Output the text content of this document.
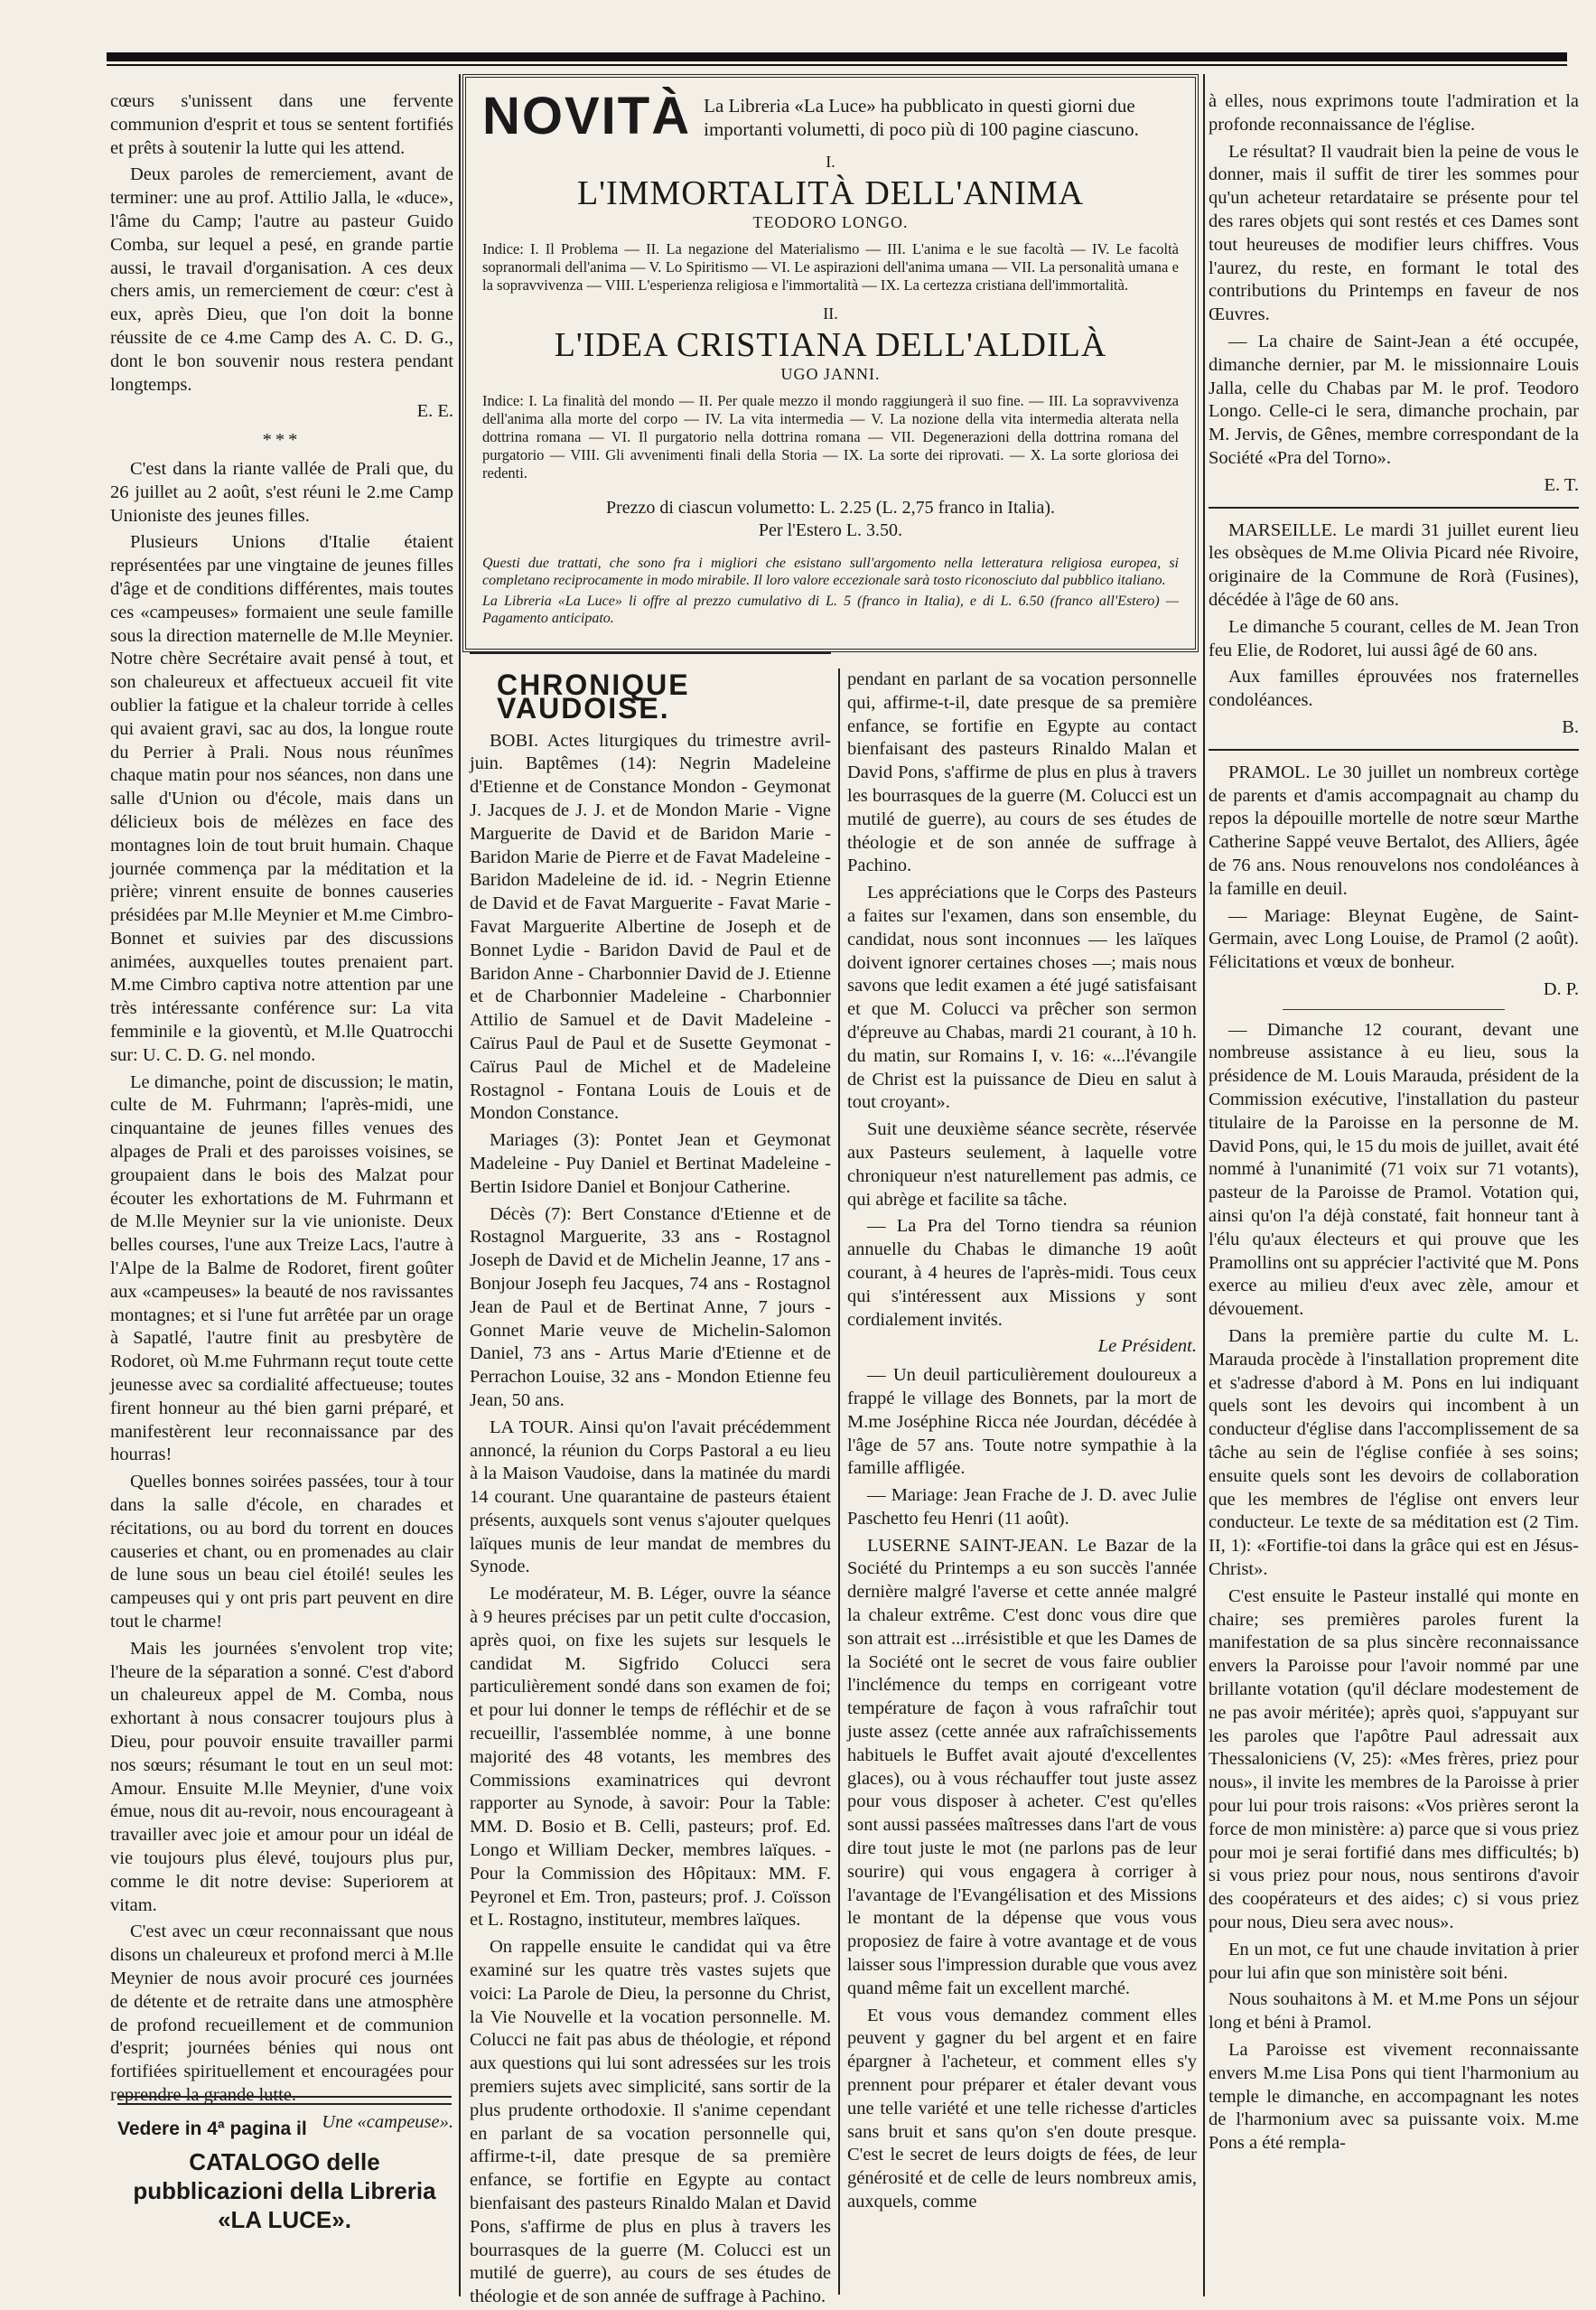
cœurs s'unissent dans une fervente communion d'esprit et tous se sentent fortifiés et prêts à soutenir la lutte qui les attend.

Deux paroles de remerciement, avant de terminer: une au prof. Attilio Jalla, le «duce», l'âme du Camp; l'autre au pasteur Guido Comba, sur lequel a pesé, en grande partie aussi, le travail d'organisation. A ces deux chers amis, un remerciement de cœur: c'est à eux, après Dieu, que l'on doit la bonne réussite de ce 4.me Camp des A. C. D. G., dont le bon souvenir nous restera pendant longtemps.

E. E.
***

C'est dans la riante vallée de Prali que, du 26 juillet au 2 août, s'est réuni le 2.me Camp Unioniste des jeunes filles.

Plusieurs Unions d'Italie étaient représentées par une vingtaine de jeunes filles d'âge et de conditions différentes, mais toutes ces «campeuses» formaient une seule famille sous la direction maternelle de M.lle Meynier. Notre chère Secrétaire avait pensé à tout, et son chaleureux et affectueux accueil fit vite oublier la fatigue et la chaleur torride à celles qui avaient gravi, sac au dos, la longue route du Perrier à Prali. Nous nous réunîmes chaque matin pour nos séances, non dans une salle d'Union ou d'école, mais dans un délicieux bois de mélèzes en face des montagnes loin de tout bruit humain. Chaque journée commença par la méditation et la prière; vinrent ensuite de bonnes causeries présidées par M.lle Meynier et M.me Cimbro-Bonnet et suivies par des discussions animées, auxquelles toutes prenaient part. M.me Cimbro captiva notre attention par une très intéressante conférence sur: La vita femminile e la gioventù, et M.lle Quatrocchi sur: U. C. D. G. nel mondo.

Le dimanche, point de discussion; le matin, culte de M. Fuhrmann; l'après-midi, une cinquantaine de jeunes filles venues des alpages de Prali et des paroisses voisines, se groupaient dans le bois des Malzat pour écouter les exhortations de M. Fuhrmann et de M.lle Meynier sur la vie unioniste. Deux belles courses, l'une aux Treize Lacs, l'autre à l'Alpe de la Balme de Rodoret, firent goûter aux «campeuses» la beauté de nos ravissantes montagnes; et si l'une fut arrêtée par un orage à Sapatlé, l'autre finit au presbytère de Rodoret, où M.me Fuhrmann reçut toute cette jeunesse avec sa cordialité affectueuse; toutes firent honneur au thé bien garni préparé, et manifestèrent leur reconnaissance par des hourras!

Quelles bonnes soirées passées, tour à tour dans la salle d'école, en charades et récitations, ou au bord du torrent en douces causeries et chant, ou en promenades au clair de lune sous un beau ciel étoilé! seules les campeuses qui y ont pris part peuvent en dire tout le charme!

Mais les journées s'envolent trop vite; l'heure de la séparation a sonné. C'est d'abord un chaleureux appel de M. Comba, nous exhortant à nous consacrer toujours plus à Dieu, pour pouvoir ensuite travailler parmi nos sœurs; résumant le tout en un seul mot: Amour. Ensuite M.lle Meynier, d'une voix émue, nous dit au-revoir, nous encourageant à travailler avec joie et amour pour un idéal de vie toujours plus élevé, toujours plus pur, comme le dit notre devise: Superiorem at vitam.

C'est avec un cœur reconnaissant que nous disons un chaleureux et profond merci à M.lle Meynier de nous avoir procuré ces journées de détente et de retraite dans une atmosphère de profond recueillement et de communion d'esprit; journées bénies qui nous ont fortifiées spirituellement et encouragées pour reprendre la grande lutte.

Une «campeuse».
Vedere in 4ª pagina il
CATALOGO delle pubblicazioni della Libreria «LA LUCE».
NOVITÀ La Libreria «La Luce» ha pubblicato in questi giorni due importanti volumetti, di poco più di 100 pagine ciascuno.
I.
L'IMMORTALITÀ DELL'ANIMA
TEODORO LONGO.
Indice: I. Il Problema — II. La negazione del Materialismo — III. L'anima e le sue facoltà — IV. Le facoltà sopranormali dell'anima — V. Lo Spiritismo — VI. Le aspirazioni dell'anima umana — VII. La personalità umana e la sopravvivenza — VIII. L'esperienza religiosa e l'immortalità — IX. La certezza cristiana dell'immortalità.
II.
L'IDEA CRISTIANA DELL'ALDILÀ
UGO JANNI.
Indice: I. La finalità del mondo — II. Per quale mezzo il mondo raggiungerà il suo fine. — III. La sopravvivenza dell'anima alla morte del corpo — IV. La vita intermedia — V. La nozione della vita intermedia alterata nella dottrina romana — VI. Il purgatorio nella dottrina romana — VII. Degenerazioni della dottrina romana del purgatorio — VIII. Gli avvenimenti finali della Storia — IX. La sorte dei riprovati. — X. La sorte gloriosa dei redenti.
Prezzo di ciascun volumetto: L. 2.25 (L. 2,75 franco in Italia).
Per l'Estero L. 3.50.
Questi due trattati, che sono fra i migliori che esistano sull'argomento nella letteratura religiosa europea, si completano reciprocamente in modo mirabile. Il loro valore eccezionale sarà tosto riconosciuto dal pubblico italiano.
La Libreria «La Luce» li offre al prezzo cumulativo di L. 5 (franco in Italia), e di L. 6.50 (franco all'Estero) — Pagamento anticipato.
CHRONIQUE VAUDOISE.

BOBI. Actes liturgiques du trimestre avril-juin. Baptêmes (14): Negrin Madeleine d'Etienne et de Constance Mondon - Geymonat J. Jacques de J. J. et de Mondon Marie - Vigne Marguerite de David et de Baridon Marie - Baridon Marie de Pierre et de Favat Madeleine - Baridon Madeleine de id. id. - Negrin Etienne de David et de Favat Marguerite - Favat Marie - Favat Marguerite Albertine de Joseph et de Bonnet Lydie - Baridon David de Paul et de Baridon Anne - Charbonnier David de J. Etienne et de Charbonnier Madeleine - Charbonnier Attilio de Samuel et de Davit Madeleine - Caïrus Paul de Paul et de Susette Geymonat - Caïrus Paul de Michel et de Madeleine Rostagnol - Fontana Louis de Louis et de Mondon Constance.

Mariages (3): Pontet Jean et Geymonat Madeleine - Puy Daniel et Bertinat Madeleine - Bertin Isidore Daniel et Bonjour Catherine.

Décès (7): Bert Constance d'Etienne et de Rostagnol Marguerite, 33 ans - Rostagnol Joseph de David et de Michelin Jeanne, 17 ans - Bonjour Joseph feu Jacques, 74 ans - Rostagnol Jean de Paul et de Bertinat Anne, 7 jours - Gonnet Marie veuve de Michelin-Salomon Daniel, 73 ans - Artus Marie d'Etienne et de Perrachon Louise, 32 ans - Mondon Etienne feu Jean, 50 ans.

LA TOUR. Ainsi qu'on l'avait précédemment annoncé, la réunion du Corps Pastoral a eu lieu à la Maison Vaudoise, dans la matinée du mardi 14 courant. Une quarantaine de pasteurs étaient présents, auxquels sont venus s'ajouter quelques laïques munis de leur mandat de membres du Synode.

Le modérateur, M. B. Léger, ouvre la séance à 9 heures précises par un petit culte d'occasion, après quoi, on fixe les sujets sur lesquels le candidat M. Sigfrido Colucci sera particulièrement sondé dans son examen de foi; et pour lui donner le temps de réfléchir et de se recueillir, l'assemblée nomme, à une bonne majorité des 48 votants, les membres des Commissions examinatrices qui devront rapporter au Synode, à savoir: Pour la Table: MM. D. Bosio et B. Celli, pasteurs; prof. Ed. Longo et William Decker, membres laïques. - Pour la Commission des Hôpitaux: MM. F. Peyronel et Em. Tron, pasteurs; prof. J. Coïsson et L. Rostagno, instituteur, membres laïques.

On rappelle ensuite le candidat qui va être examiné sur les quatre très vastes sujets que voici: La Parole de Dieu, la personne du Christ, la Vie Nouvelle et la vocation personnelle. M. Colucci ne fait pas abus de théologie, et répond aux questions qui lui sont adressées sur les trois premiers sujets avec simplicité, sans sortir de la plus prudente orthodoxie. Il s'anime cependant en parlant de sa vocation personnelle qui, affirme-t-il, date presque de sa première enfance, se fortifie en Egypte au contact bienfaisant des pasteurs Rinaldo Malan et David Pons, s'affirme de plus en plus à travers les bourrasques de la guerre (M. Colucci est un mutilé de guerre), au cours de ses études de théologie et de son année de suffrage à Pachino.

pendant en parlant de sa vocation personnelle qui, affirme-t-il, date presque de sa première enfance, se fortifie en Egypte au contact bienfaisant des pasteurs Rinaldo Malan et David Pons, s'affirme de plus en plus à travers les bourrasques de la guerre (M. Colucci est un mutilé de guerre), au cours de ses études de théologie et de son année de suffrage à Pachino.

Les appréciations que le Corps des Pasteurs a faites sur l'examen, dans son ensemble, du candidat, nous sont inconnues — les laïques doivent ignorer certaines choses —; mais nous savons que ledit examen a été jugé satisfaisant et que M. Colucci va prêcher son sermon d'épreuve au Chabas, mardi 21 courant, à 10 h. du matin, sur Romains I, v. 16: «...l'évangile de Christ est la puissance de Dieu en salut à tout croyant».

Suit une deuxième séance secrète, réservée aux Pasteurs seulement, à laquelle votre chroniqueur n'est naturellement pas admis, ce qui abrège et facilite sa tâche.

— La Pra del Torno tiendra sa réunion annuelle du Chabas le dimanche 19 août courant, à 4 heures de l'après-midi. Tous ceux qui s'intéressent aux Missions y sont cordialement invités.

Le Président.

— Un deuil particulièrement douloureux a frappé le village des Bonnets, par la mort de M.me Joséphine Ricca née Jourdan, décédée à l'âge de 57 ans. Toute notre sympathie à la famille affligée.

— Mariage: Jean Frache de J. D. avec Julie Paschetto feu Henri (11 août).

LUSERNE SAINT-JEAN. Le Bazar de la Société du Printemps a eu son succès l'année dernière malgré l'averse et cette année malgré la chaleur extrême. C'est donc vous dire que son attrait est ...irrésistible et que les Dames de la Société ont le secret de vous faire oublier l'inclémence du temps en corrigeant votre température de façon à vous rafraîchir tout juste assez (cette année aux rafraîchissements habituels le Buffet avait ajouté d'excellentes glaces), ou à vous réchauffer tout juste assez pour vous disposer à acheter. C'est qu'elles sont aussi passées maîtresses dans l'art de vous dire tout juste le mot (ne parlons pas de leur sourire) qui vous engagera à corriger à l'avantage de l'Evangélisation et des Missions le montant de la dépense que vous vous proposiez de faire à votre avantage et de vous laisser sous l'impression durable que vous avez quand même fait un excellent marché.

Et vous vous demandez comment elles peuvent y gagner du bel argent et en faire épargner à l'acheteur, et comment elles s'y prennent pour préparer et étaler devant vous une telle variété et une telle richesse d'articles sans bruit et sans qu'on s'en doute presque. C'est le secret de leurs doigts de fées, de leur générosité et de celle de leurs nombreux amis, auxquels, comme

à elles, nous exprimons toute l'admiration et la profonde reconnaissance de l'église.

Le résultat? Il vaudrait bien la peine de vous le donner, mais il suffit de tirer les sommes pour qu'un acheteur retardataire se présente pour tel des rares objets qui sont restés et ces Dames sont tout heureuses de modifier leurs chiffres. Vous l'aurez, du reste, en formant le total des contributions du Printemps en faveur de nos Œuvres.

— La chaire de Saint-Jean a été occupée, dimanche dernier, par M. le missionnaire Louis Jalla, celle du Chabas par M. le prof. Teodoro Longo. Celle-ci le sera, dimanche prochain, par M. Jervis, de Gênes, membre correspondant de la Société «Pra del Torno».

E. T.

MARSEILLE. Le mardi 31 juillet eurent lieu les obsèques de M.me Olivia Picard née Rivoire, originaire de la Commune de Rorà (Fusines), décédée à l'âge de 60 ans.

Le dimanche 5 courant, celles de M. Jean Tron feu Elie, de Rodoret, lui aussi âgé de 60 ans.

Aux familles éprouvées nos fraternelles condoléances.

B.

PRAMOL. Le 30 juillet un nombreux cortège de parents et d'amis accompagnait au champ du repos la dépouille mortelle de notre sœur Marthe Catherine Sappé veuve Bertalot, des Alliers, âgée de 76 ans. Nous renouvelons nos condoléances à la famille en deuil.

— Mariage: Bleynat Eugène, de Saint-Germain, avec Long Louise, de Pramol (2 août). Félicitations et vœux de bonheur.

D. P.

— Dimanche 12 courant, devant une nombreuse assistance à eu lieu, sous la présidence de M. Louis Marauda, président de la Commission exécutive, l'installation du pasteur titulaire de la Paroisse en la personne de M. David Pons, qui, le 15 du mois de juillet, avait été nommé à l'unanimité (71 voix sur 71 votants), pasteur de la Paroisse de Pramol. Votation qui, ainsi qu'on l'a déjà constaté, fait honneur tant à l'élu qu'aux électeurs et qui prouve que les Pramollins ont su apprécier l'activité que M. Pons exerce au milieu d'eux avec zèle, amour et dévouement.

Dans la première partie du culte M. L. Marauda procède à l'installation proprement dite et s'adresse d'abord à M. Pons en lui indiquant quels sont les devoirs qui incombent à un conducteur d'église dans l'accomplissement de sa tâche au sein de l'église confiée à ses soins; ensuite quels sont les devoirs de collaboration que les membres de l'église ont envers leur conducteur. Le texte de sa méditation est (2 Tim. II, 1): «Fortifie-toi dans la grâce qui est en Jésus-Christ».

C'est ensuite le Pasteur installé qui monte en chaire; ses premières paroles furent la manifestation de sa plus sincère reconnaissance envers la Paroisse pour l'avoir nommé par une brillante votation (qu'il déclare modestement de ne pas avoir méritée); après quoi, s'appuyant sur les paroles que l'apôtre Paul adressait aux Thessaloniciens (V, 25): «Mes frères, priez pour nous», il invite les membres de la Paroisse à prier pour lui pour trois raisons: «Vos prières seront la force de mon ministère: a) parce que si vous priez pour moi je serai fortifié dans mes difficultés; b) si vous priez pour nous, nous sentirons d'avoir des coopérateurs et des aides; c) si vous priez pour nous, Dieu sera avec nous».

En un mot, ce fut une chaude invitation à prier pour lui afin que son ministère soit béni.

Nous souhaitons à M. et M.me Pons un séjour long et béni à Pramol.

La Paroisse est vivement reconnaissante envers M.me Lisa Pons qui tient l'harmonium au temple le dimanche, en accompagnant les notes de l'harmonium avec sa puissante voix. M.me Pons a été rempla-
